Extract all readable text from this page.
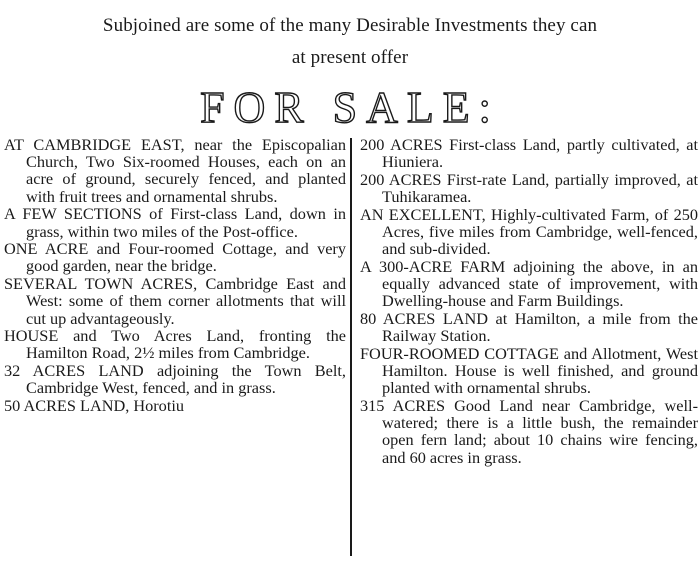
Subjoined are some of the many Desirable Investments they can
at present offer
FOR SALE:

AT CAMBRIDGE EAST, near the Episcopalian Church, Two Six-roomed Houses, each on an acre of ground, securely fenced, and planted with fruit trees and ornamental shrubs.

A FEW SECTIONS of First-class Land, down in grass, within two miles of the Post-office.

ONE ACRE and Four-roomed Cottage, and very good garden, near the bridge.

SEVERAL TOWN ACRES, Cambridge East and West: some of them corner allotments that will cut up advantageously.

HOUSE and Two Acres Land, fronting the Hamilton Road, 2½ miles from Cambridge.

32 ACRES LAND adjoining the Town Belt, Cambridge West, fenced, and in grass.

50 ACRES LAND, Horotiu

200 ACRES First-class Land, partly cultivated, at Hiuniera.

200 ACRES First-rate Land, partially improved, at Tuhikaramea.

AN EXCELLENT, Highly-cultivated Farm, of 250 Acres, five miles from Cambridge, well-fenced, and sub-divided.

A 300-ACRE FARM adjoining the above, in an equally advanced state of improvement, with Dwelling-house and Farm Buildings.

80 ACRES LAND at Hamilton, a mile from the Railway Station.

FOUR-ROOMED COTTAGE and Allotment, West Hamilton. House is well finished, and ground planted with ornamental shrubs.

315 ACRES Good Land near Cambridge, well-watered; there is a little bush, the remainder open fern land; about 10 chains wire fencing, and 60 acres in grass.
